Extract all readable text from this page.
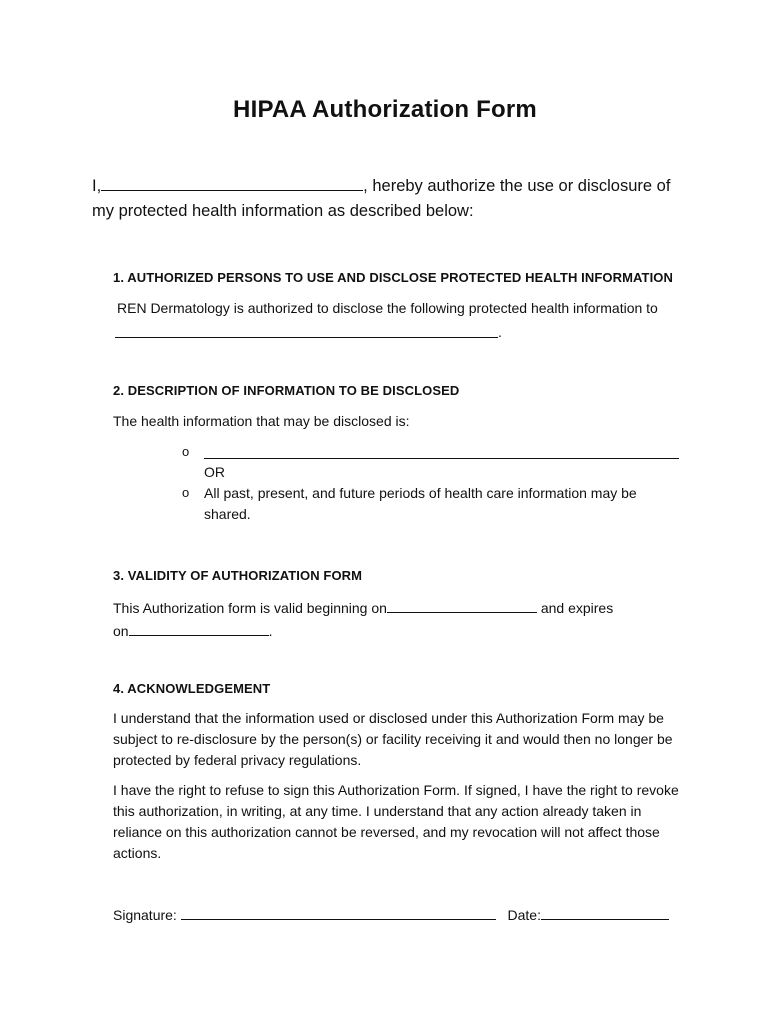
HIPAA Authorization Form
I,	, hereby authorize the use or disclosure of
my protected health information as described below:
1. AUTHORIZED PERSONS TO USE AND DISCLOSE PROTECTED HEALTH INFORMATION
REN Dermatology is authorized to disclose the following protected health information to
.
2. DESCRIPTION OF INFORMATION TO BE DISCLOSED
The health information that may be disclosed is:
o
OR
o All past, present, and future periods of health care information may be shared.
3. VALIDITY OF AUTHORIZATION FORM
This Authorization form is valid beginning on	and expires
on	.
4. ACKNOWLEDGEMENT
I understand that the information used or disclosed under this Authorization Form may be subject to re-disclosure by the person(s) or facility receiving it and would then no longer be protected by federal privacy regulations.
I have the right to refuse to sign this Authorization Form. If signed, I have the right to revoke this authorization, in writing, at any time. I understand that any action already taken in reliance on this authorization cannot be reversed, and my revocation will not affect those actions.
Signature:	Date:
